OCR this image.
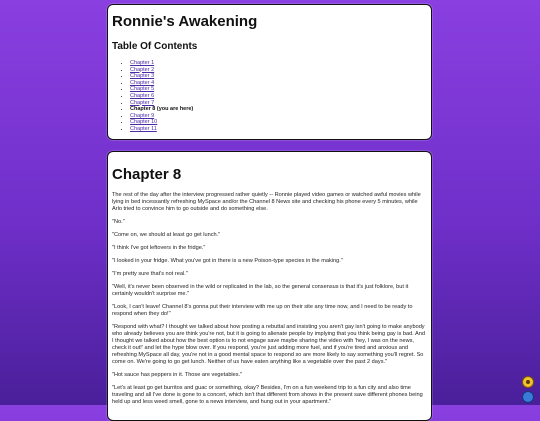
Ronnie's Awakening
Table Of Contents
• Chapter 1
• Chapter 2
• Chapter 3
• Chapter 4
• Chapter 5
• Chapter 6
• Chapter 7
• Chapter 8 (you are here)
• Chapter 9
• Chapter 10
• Chapter 11
Chapter 8

The rest of the day after the interview progressed rather quietly -- Ronnie played video games or watched awful movies while lying in bed incessantly refreshing MySpace and/or the Channel 8 News site and checking his phone every 5 minutes, while Arlo tried to convince him to go outside and do something else.

"No."

"Come on, we should at least go get lunch."

"I think I've got leftovers in the fridge."

"I looked in your fridge. What you've got in there is a new Poison-type species in the making."

"I'm pretty sure that's not real."

"Well, it's never been observed in the wild or replicated in the lab, so the general consensus is that it's just folklore, but it certainly wouldn't surprise me."

"Look, I can't leave! Channel 8's gonna put their interview with me up on their site any time now, and I need to be ready to respond when they do!"

"Respond with what? I thought we talked about how posting a rebuttal and insisting you aren't gay isn't going to make anybody who already believes you are think you're not, but it is going to alienate people by implying that you think being gay is bad. And I thought we talked about how the best option is to not engage save maybe sharing the video with 'hey, I was on the news, check it out!' and let the hype blow over. If you respond, you're just adding more fuel, and if you're tired and anxious and refreshing MySpace all day, you're not in a good mental space to respond so are more likely to say something you'll regret. So come on. We're going to go get lunch. Neither of us have eaten anything like a vegetable over the past 2 days."

"Hot sauce has peppers in it. Those are vegetables."

"Let's at least go get burritos and guac or something, okay? Besides, I'm on a fun weekend trip to a fun city and also time traveling and all I've done is gone to a concert, which isn't that different from shows in the present save different phones being held up and less weed smell, gone to a news interview, and hung out in your apartment."
